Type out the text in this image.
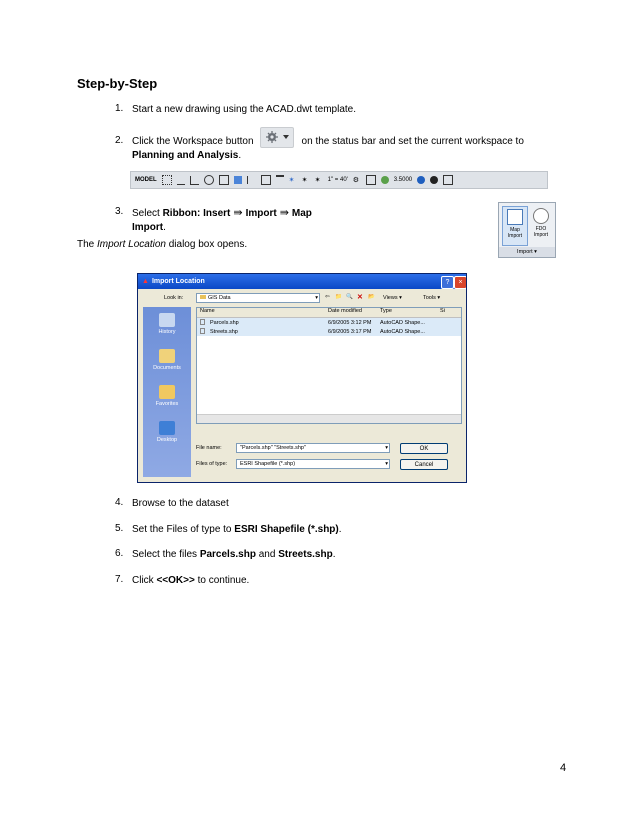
Step-by-Step
1. Start a new drawing using the ACAD.dwt template.
2. Click the Workspace button	on the status bar and set the current workspace to
Planning and Analysis.
MODEL	✶	✶	✶	1" = 40' ⚙	3.5000
3. Select Ribbon: Insert ⇛ Import ⇛ Map
Import.	Map
Import
FDO
Import
Import ▾
The Import Location dialog box opens.
▲ Import Location	?	×
Look in:	GIS Data	▾ ⇦ 📁 🔍 ✕ 📂 Views ▾	Tools ▾
History
Documents
Favorites
Desktop
Name	Date modified	Type	Si
Parcels.shp	6/9/2005 3:12 PM	AutoCAD Shape...
Streets.shp	6/9/2005 3:17 PM	AutoCAD Shape...
File name:	"Parcels.shp" "Streets.shp"	▾
Files of type:	ESRI Shapefile (*.shp)	▾
OK
Cancel
4. Browse to the dataset
5. Set the Files of type to ESRI Shapefile (*.shp).
6. Select the files Parcels.shp and Streets.shp.
7. Click <<OK>> to continue.
4
